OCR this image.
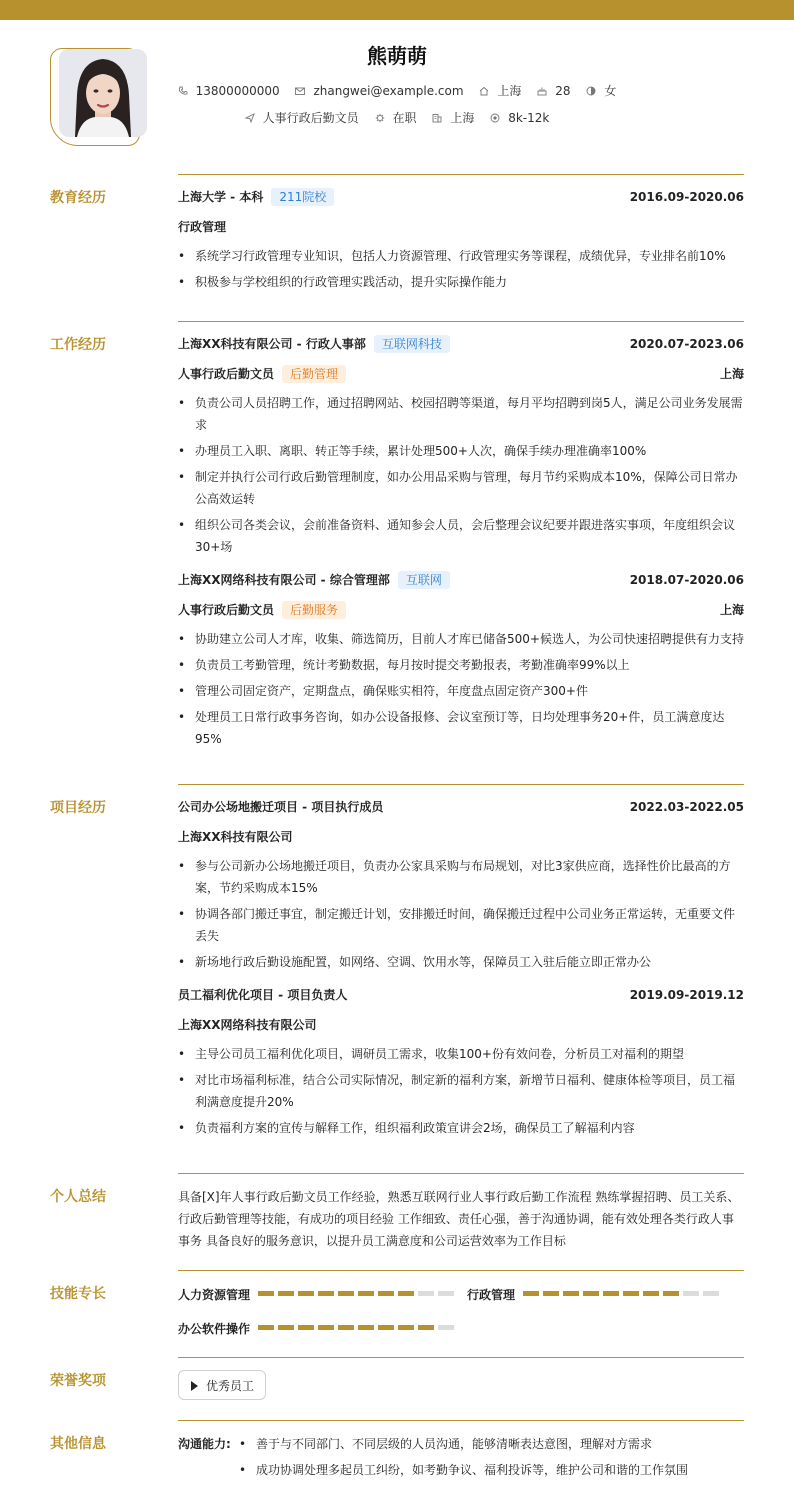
熊萌萌
13800000000	zhangwei@example.com	上海	28	女
人事行政后勤文员	在职	上海	8k-12k
教育经历	上海大学 - 本科 211院校	2016.09-2020.06
行政管理
• 系统学习行政管理专业知识，包括人力资源管理、行政管理实务等课程，成绩优异，专业排名前10%
• 积极参与学校组织的行政管理实践活动，提升实际操作能力
工作经历	上海XX科技有限公司 - 行政人事部 互联网科技	2020.07-2023.06
人事行政后勤文员 后勤管理	上海
• 负责公司人员招聘工作，通过招聘网站、校园招聘等渠道，每月平均招聘到岗5人，满足公司业务发展需求
• 办理员工入职、离职、转正等手续，累计处理500+人次，确保手续办理准确率100%
• 制定并执行公司行政后勤管理制度，如办公用品采购与管理，每月节约采购成本10%，保障公司日常办公高效运转
• 组织公司各类会议，会前准备资料、通知参会人员，会后整理会议纪要并跟进落实事项，年度组织会议30+场
上海XX网络科技有限公司 - 综合管理部 互联网	2018.07-2020.06
人事行政后勤文员 后勤服务	上海
• 协助建立公司人才库，收集、筛选简历，目前人才库已储备500+候选人，为公司快速招聘提供有力支持
• 负责员工考勤管理，统计考勤数据，每月按时提交考勤报表，考勤准确率99%以上
• 管理公司固定资产，定期盘点，确保账实相符，年度盘点固定资产300+件
• 处理员工日常行政事务咨询，如办公设备报修、会议室预订等，日均处理事务20+件，员工满意度达95%
项目经历	公司办公场地搬迁项目 - 项目执行成员	2022.03-2022.05
上海XX科技有限公司
• 参与公司新办公场地搬迁项目，负责办公家具采购与布局规划，对比3家供应商，选择性价比最高的方案，节约采购成本15%
• 协调各部门搬迁事宜，制定搬迁计划，安排搬迁时间，确保搬迁过程中公司业务正常运转，无重要文件丢失
• 新场地行政后勤设施配置，如网络、空调、饮用水等，保障员工入驻后能立即正常办公
员工福利优化项目 - 项目负责人	2019.09-2019.12
上海XX网络科技有限公司
• 主导公司员工福利优化项目，调研员工需求，收集100+份有效问卷，分析员工对福利的期望
• 对比市场福利标准，结合公司实际情况，制定新的福利方案，新增节日福利、健康体检等项目，员工福利满意度提升20%
• 负责福利方案的宣传与解释工作，组织福利政策宣讲会2场，确保员工了解福利内容
个人总结	具备[X]年人事行政后勤文员工作经验，熟悉互联网行业人事行政后勤工作流程 熟练掌握招聘、员工关系、行政后勤管理等技能，有成功的项目经验 工作细致、责任心强，善于沟通协调，能有效处理各类行政人事事务 具备良好的服务意识，以提升员工满意度和公司运营效率为工作目标
技能专长	人力资源管理	行政管理
办公软件操作
荣誉奖项	优秀员工
其他信息	沟通能力:
•	善于与不同部门、不同层级的人员沟通，能够清晰表达意图，理解对方需求
• 成功协调处理多起员工纠纷，如考勤争议、福利投诉等，维护公司和谐的工作氛围
